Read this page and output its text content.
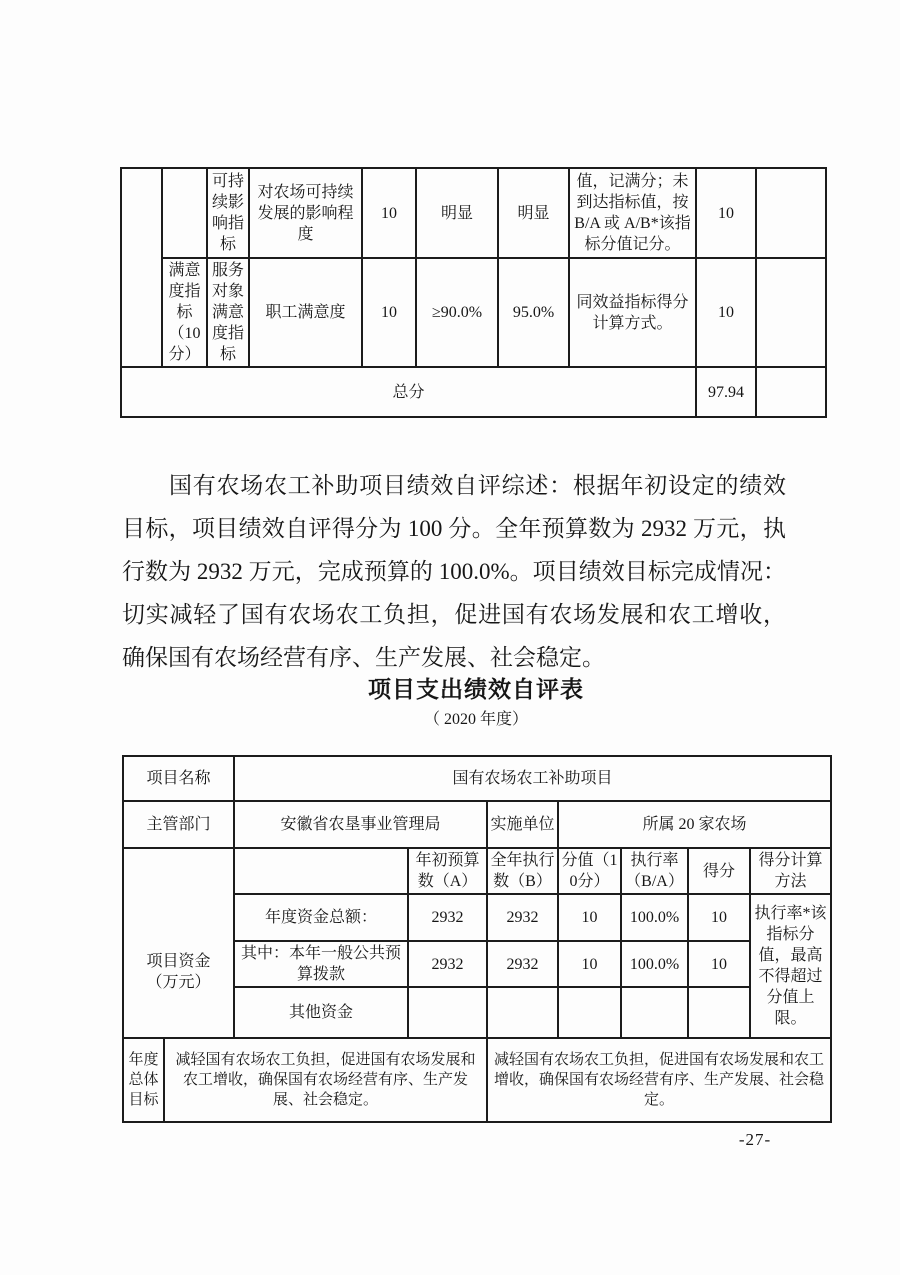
		可持续影响指标	对农场可持续发展的影响程度	10	明显	明显	值，记满分；未到达指标值，按 B/A 或 A/B*该指标分值记分。	10	
	满意度指标（10分）	服务对象满意度指标	职工满意度	10	≥90.0%	95.0%	同效益指标得分计算方式。	10	
总分								97.94	
国有农场农工补助项目绩效自评综述：根据年初设定的绩效
目标，项目绩效自评得分为 100 分。全年预算数为 2932 万元，执
行数为 2932 万元，完成预算的 100.0%。项目绩效目标完成情况：
切实减轻了国有农场农工负担，促进国有农场发展和农工增收，
确保国有农场经营有序、生产发展、社会稳定。
项目支出绩效自评表
（ 2020 年度）
项目名称		国有农场农工补助项目						
主管部门		安徽省农垦事业管理局		实施单位	所属 20 家农场			
项目资金（万元）			年初预算数（A）	全年执行数（B）	分值（10分）	执行率（B/A）	得分	得分计算方法
		年度资金总额：	2932	2932	10	100.0%	10	执行率*该指标分值，最高不得超过分值上限。
		其中：本年一般公共预算拨款	2932	2932	10	100.0%	10	
		其他资金						
年度总体目标	减轻国有农场农工负担，促进国有农场发展和农工增收，确保国有农场经营有序、生产发展、社会稳定。			减轻国有农场农工负担，促进国有农场发展和农工增收，确保国有农场经营有序、生产发展、社会稳定。				
-27-
